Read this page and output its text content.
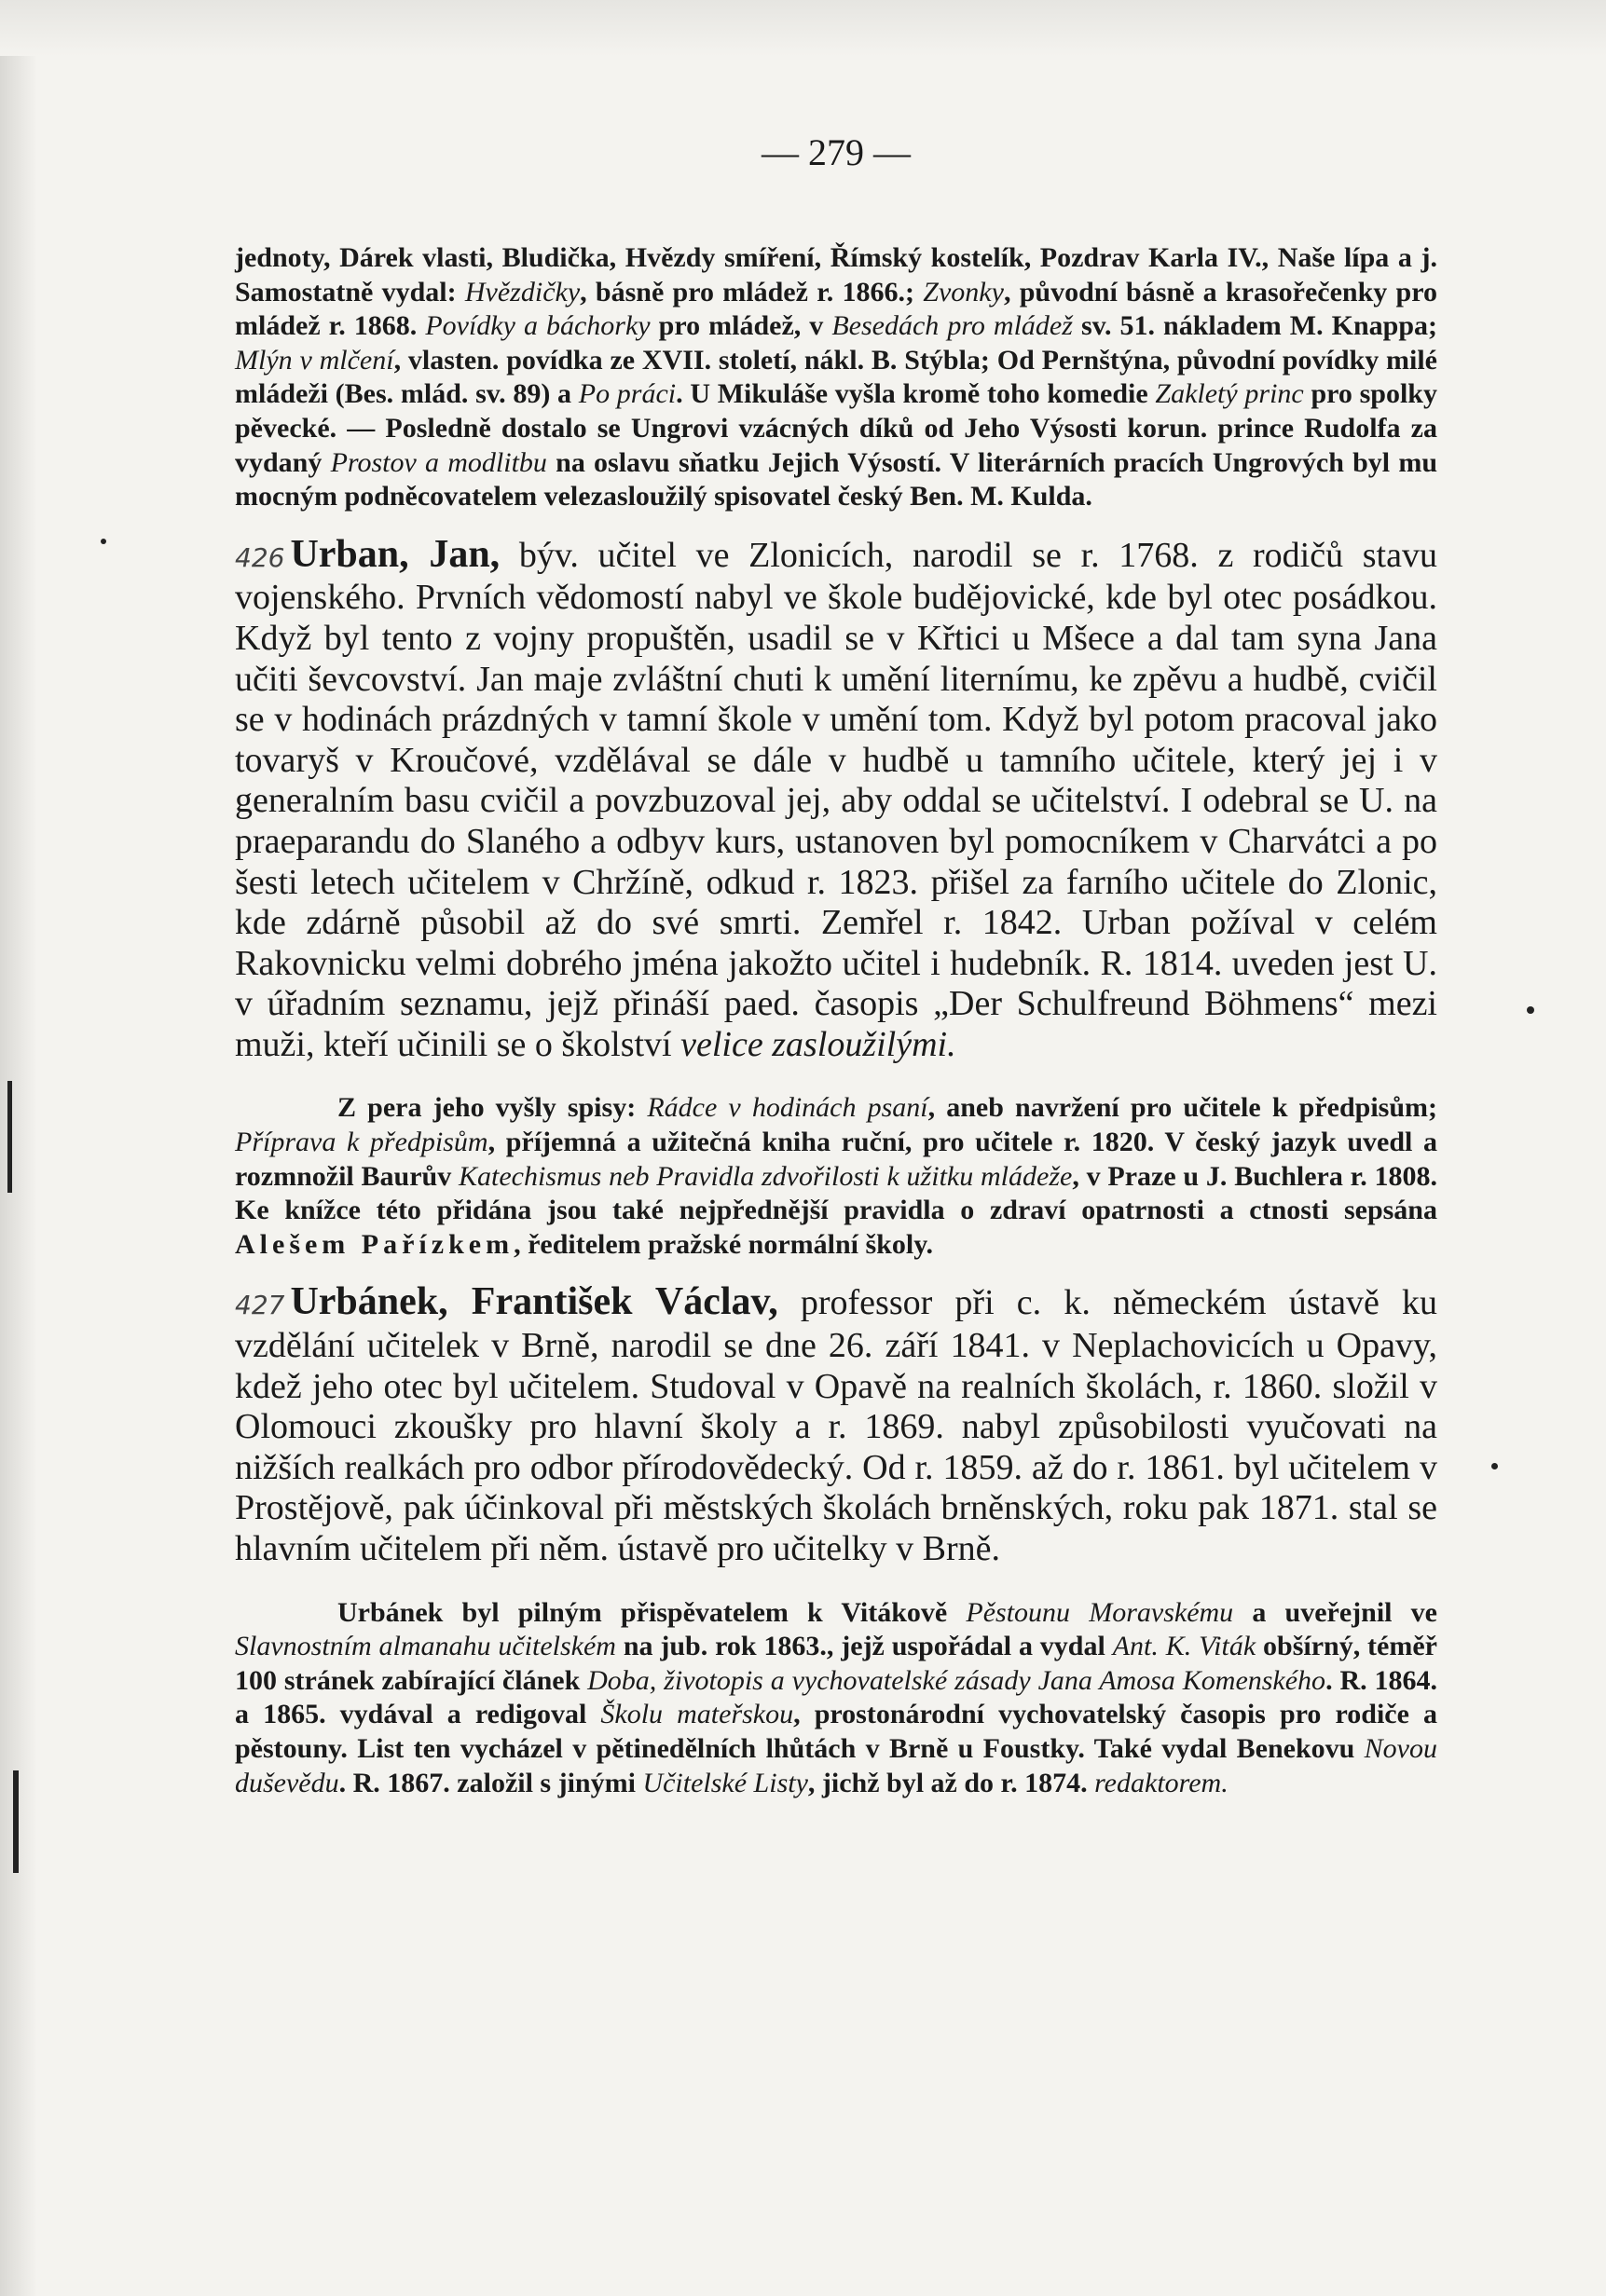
— 279 —

jednoty, Dárek vlasti, Bludička, Hvězdy smíření, Římský kostelík, Pozdrav Karla IV., Naše lípa a j. Samostatně vydal: Hvězdičky, básně pro mládež r. 1866.; Zvonky, původní básně a krasořečenky pro mládež r. 1868. Povídky a báchorky pro mládež, v Besedách pro mládež sv. 51. nákladem M. Knappa; Mlýn v mlčení, vlasten. povídka ze XVII. století, nákl. B. Stýbla; Od Pernštýna, původní povídky milé mládeži (Bes. mlád. sv. 89) a Po práci. U Mikuláše vyšla kromě toho komedie Zakletý princ pro spolky pěvecké. — Posledně dostalo se Ungrovi vzácných díků od Jeho Výsosti korun. prince Rudolfa za vydaný Prostov a modlitbu na oslavu sňatku Jejich Výsostí. V literárních pracích Ungrových byl mu mocným podněcovatelem velezasloužilý spisovatel český Ben. M. Kulda.

426 Urban, Jan, býv. učitel ve Zlonicích, narodil se r. 1768. z rodičů stavu vojenského. Prvních vědomostí nabyl ve škole budějovické, kde byl otec posádkou. Když byl tento z vojny propuštěn, usadil se v Křtici u Mšece a dal tam syna Jana učiti ševcovství. Jan maje zvláštní chuti k umění liternímu, ke zpěvu a hudbě, cvičil se v hodinách prázdných v tamní škole v umění tom. Když byl potom pracoval jako tovaryš v Kroučové, vzdělával se dále v hudbě u tamního učitele, který jej i v generalním basu cvičil a povzbuzoval jej, aby oddal se učitelství. I odebral se U. na praeparandu do Slaného a odbyv kurs, ustanoven byl pomocníkem v Charvátci a po šesti letech učitelem v Chržíně, odkud r. 1823. přišel za farního učitele do Zlonic, kde zdárně působil až do své smrti. Zemřel r. 1842. Urban požíval v celém Rakovnicku velmi dobrého jména jakožto učitel i hudebník. R. 1814. uveden jest U. v úřadním seznamu, jejž přináší paed. časopis „Der Schulfreund Böhmens“ mezi muži, kteří učinili se o školství velice zasloužilými.

Z pera jeho vyšly spisy: Rádce v hodinách psaní, aneb navržení pro učitele k předpisům; Příprava k předpisům, příjemná a užitečná kniha ruční, pro učitele r. 1820. V český jazyk uvedl a rozmnožil Baurův Katechismus neb Pravidla zdvořilosti k užitku mládeže, v Praze u J. Buchlera r. 1808. Ke knížce této přidána jsou také nejpřednější pravidla o zdraví opatrnosti a ctnosti sepsána Alešem Pařízkem, ředitelem pražské normální školy.

427 Urbánek, František Václav, professor při c. k. německém ústavě ku vzdělání učitelek v Brně, narodil se dne 26. září 1841. v Neplachovicích u Opavy, kdež jeho otec byl učitelem. Studoval v Opavě na realních školách, r. 1860. složil v Olomouci zkoušky pro hlavní školy a r. 1869. nabyl způsobilosti vyučovati na nižších realkách pro odbor přírodovědecký. Od r. 1859. až do r. 1861. byl učitelem v Prostějově, pak účinkoval při městských školách brněnských, roku pak 1871. stal se hlavním učitelem při něm. ústavě pro učitelky v Brně.

Urbánek byl pilným přispěvatelem k Vitákově Pěstounu Moravskému a uveřejnil ve Slavnostním almanahu učitelském na jub. rok 1863., jejž uspořádal a vydal Ant. K. Viták obšírný, téměř 100 stránek zabírající článek Doba, životopis a vychovatelské zásady Jana Amosa Komenského. R. 1864. a 1865. vydával a redigoval Školu mateřskou, prostonárodní vychovatelský časopis pro rodiče a pěstouny. List ten vycházel v pětinedělních lhůtách v Brně u Foustky. Také vydal Benekovu Novou duševědu. R. 1867. založil s jinými Učitelské Listy, jichž byl až do r. 1874. redaktorem.
